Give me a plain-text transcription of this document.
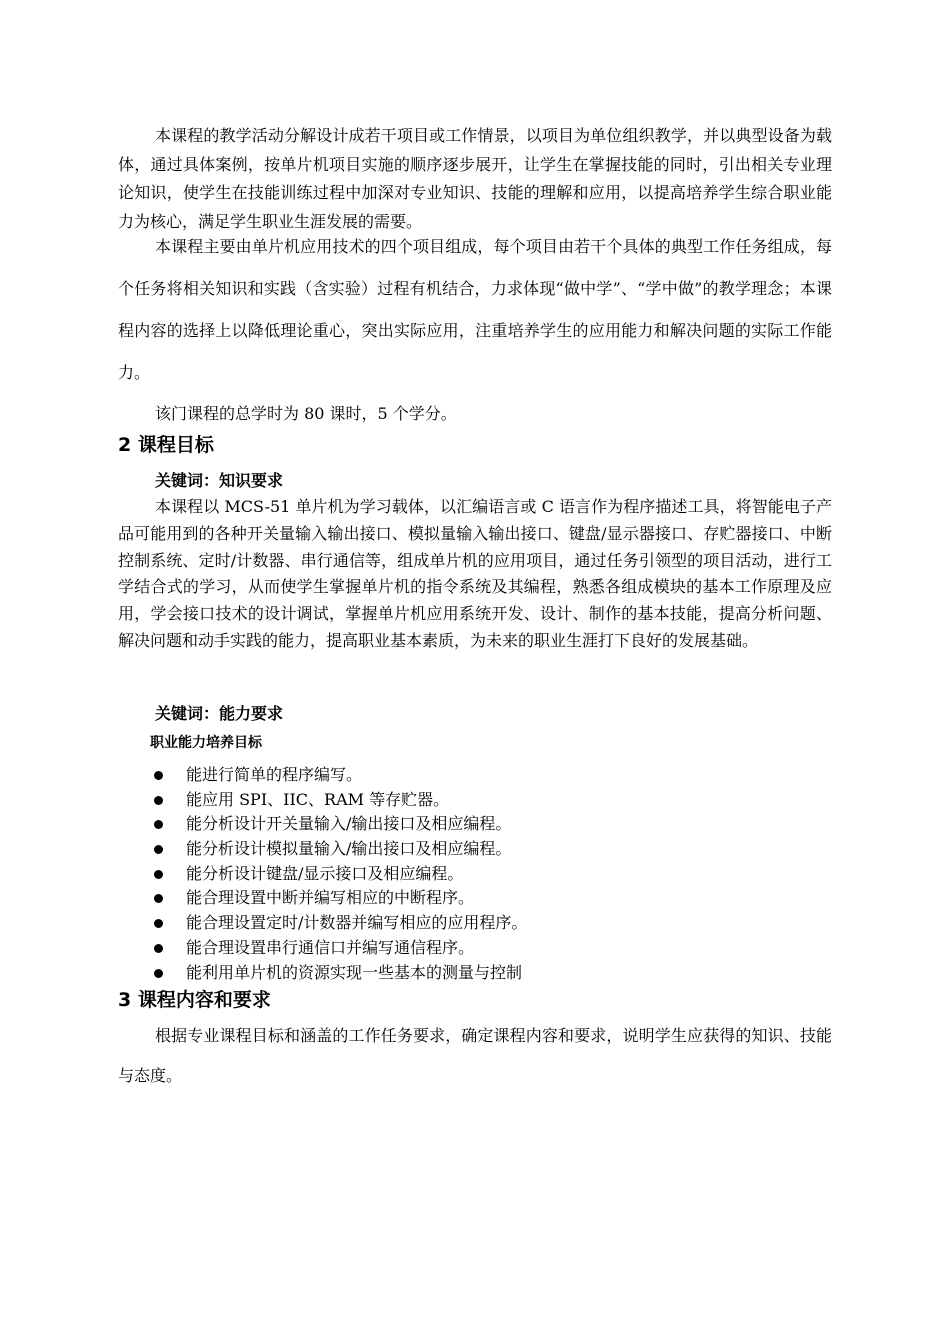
本课程的教学活动分解设计成若干项目或工作情景，以项目为单位组织教学，并以典型设备为载体，通过具体案例，按单片机项目实施的顺序逐步展开，让学生在掌握技能的同时，引出相关专业理论知识，使学生在技能训练过程中加深对专业知识、技能的理解和应用，以提高培养学生综合职业能力为核心，满足学生职业生涯发展的需要。

本课程主要由单片机应用技术的四个项目组成，每个项目由若干个具体的典型工作任务组成，每个任务将相关知识和实践（含实验）过程有机结合，力求体现“做中学”、“学中做”的教学理念；本课程内容的选择上以降低理论重心，突出实际应用，注重培养学生的应用能力和解决问题的实际工作能力。

该门课程的总学时为 80 课时，5 个学分。

2 课程目标
关键词：知识要求

本课程以 MCS-51 单片机为学习载体，以汇编语言或 C 语言作为程序描述工具，将智能电子产品可能用到的各种开关量输入输出接口、模拟量输入输出接口、键盘/显示器接口、存贮器接口、中断控制系统、定时/计数器、串行通信等，组成单片机的应用项目，通过任务引领型的项目活动，进行工学结合式的学习，从而使学生掌握单片机的指令系统及其编程，熟悉各组成模块的基本工作原理及应用，学会接口技术的设计调试，掌握单片机应用系统开发、设计、制作的基本技能，提高分析问题、解决问题和动手实践的能力，提高职业基本素质，为未来的职业生涯打下良好的发展基础。

关键词：能力要求
职业能力培养目标
能进行简单的程序编写。
能应用 SPI、IIC、RAM 等存贮器。
能分析设计开关量输入/输出接口及相应编程。
能分析设计模拟量输入/输出接口及相应编程。
能分析设计键盘/显示接口及相应编程。
能合理设置中断并编写相应的中断程序。
能合理设置定时/计数器并编写相应的应用程序。
能合理设置串行通信口并编写通信程序。
能利用单片机的资源实现一些基本的测量与控制
3 课程内容和要求

根据专业课程目标和涵盖的工作任务要求，确定课程内容和要求，说明学生应获得的知识、技能与态度。
